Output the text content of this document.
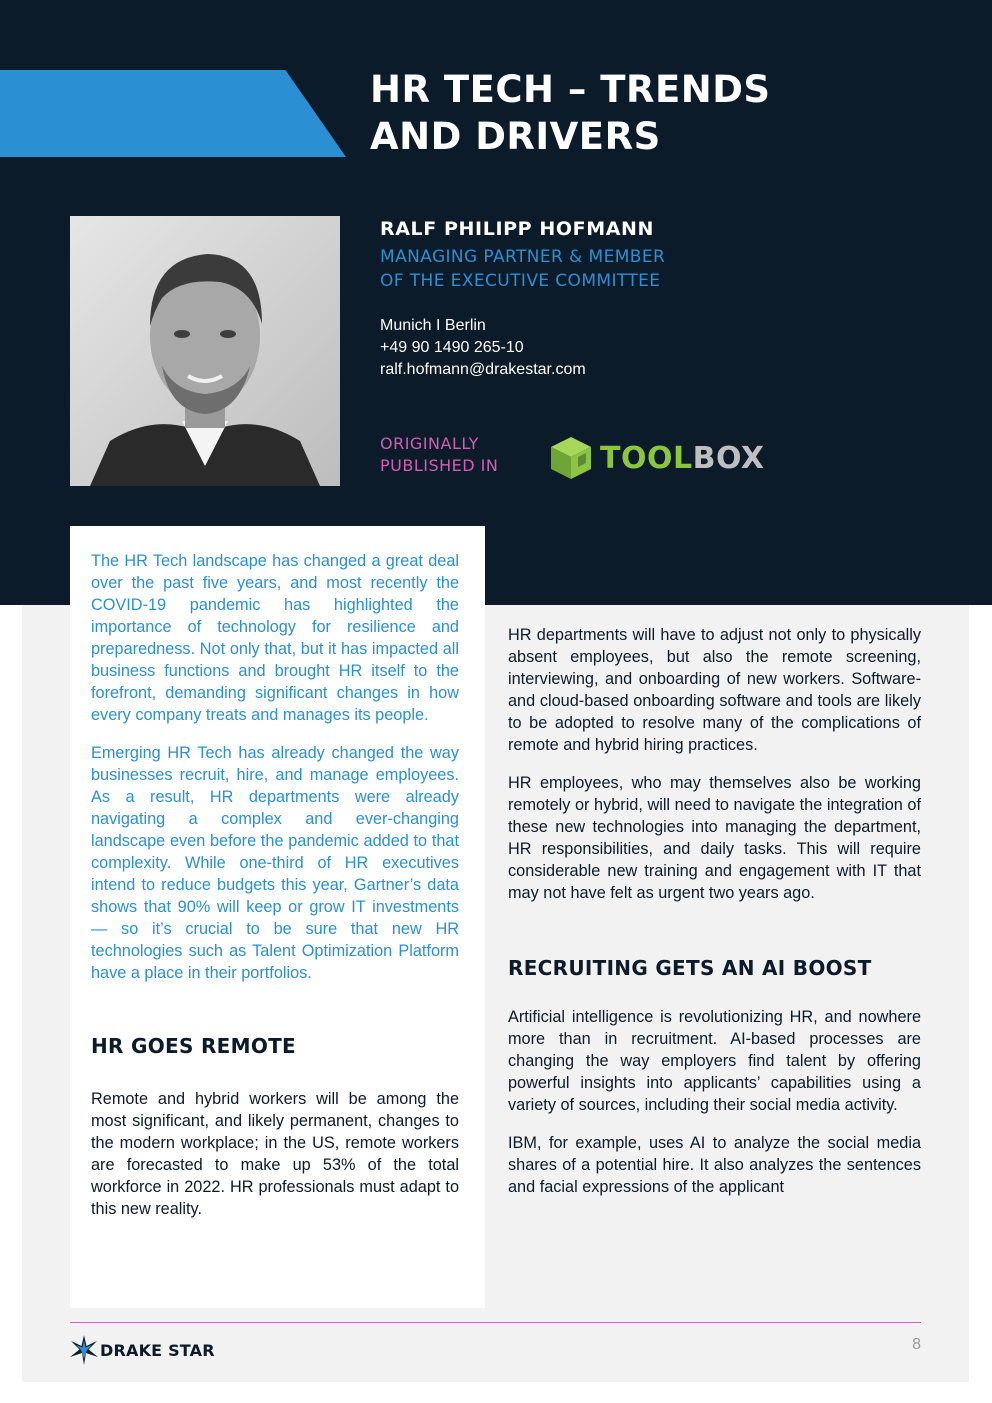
HR TECH – TRENDS
AND DRIVERS
RALF PHILIPP HOFMANN
MANAGING PARTNER & MEMBER
OF THE EXECUTIVE COMMITTEE
Munich I Berlin
+49 90 1490 265-10
ralf.hofmann@drakestar.com
ORIGINALLY
PUBLISHED IN	TOOLBOX

The HR Tech landscape has changed a great deal over the past five years, and most recently the COVID-19 pandemic has highlighted the importance of technology for resilience and preparedness. Not only that, but it has impacted all business functions and brought HR itself to the forefront, demanding significant changes in how every company treats and manages its people.

Emerging HR Tech has already changed the way businesses recruit, hire, and manage employees. As a result, HR departments were already navigating a complex and ever-changing landscape even before the pandemic added to that complexity. While one-third of HR executives intend to reduce budgets this year, Gartner’s data shows that 90% will keep or grow IT investments — so it’s crucial to be sure that new HR technologies such as Talent Optimization Platform have a place in their portfolios.

HR GOES REMOTE

Remote and hybrid workers will be among the most significant, and likely permanent, changes to the modern workplace; in the US, remote workers are forecasted to make up 53% of the total workforce in 2022. HR professionals must adapt to this new reality.

HR departments will have to adjust not only to physically absent employees, but also the remote screening, interviewing, and onboarding of new workers. Software- and cloud-based onboarding software and tools are likely to be adopted to resolve many of the complications of remote and hybrid hiring practices.

HR employees, who may themselves also be working remotely or hybrid, will need to navigate the integration of these new technologies into managing the department, HR responsibilities, and daily tasks. This will require considerable new training and engagement with IT that may not have felt as urgent two years ago.

RECRUITING GETS AN AI BOOST

Artificial intelligence is revolutionizing HR, and nowhere more than in recruitment. AI-based processes are changing the way employers find talent by offering powerful insights into applicants’ capabilities using a variety of sources, including their social media activity.

IBM, for example, uses AI to analyze the social media shares of a potential hire. It also analyzes the sentences and facial expressions of the applicant

DRAKE STAR	8
